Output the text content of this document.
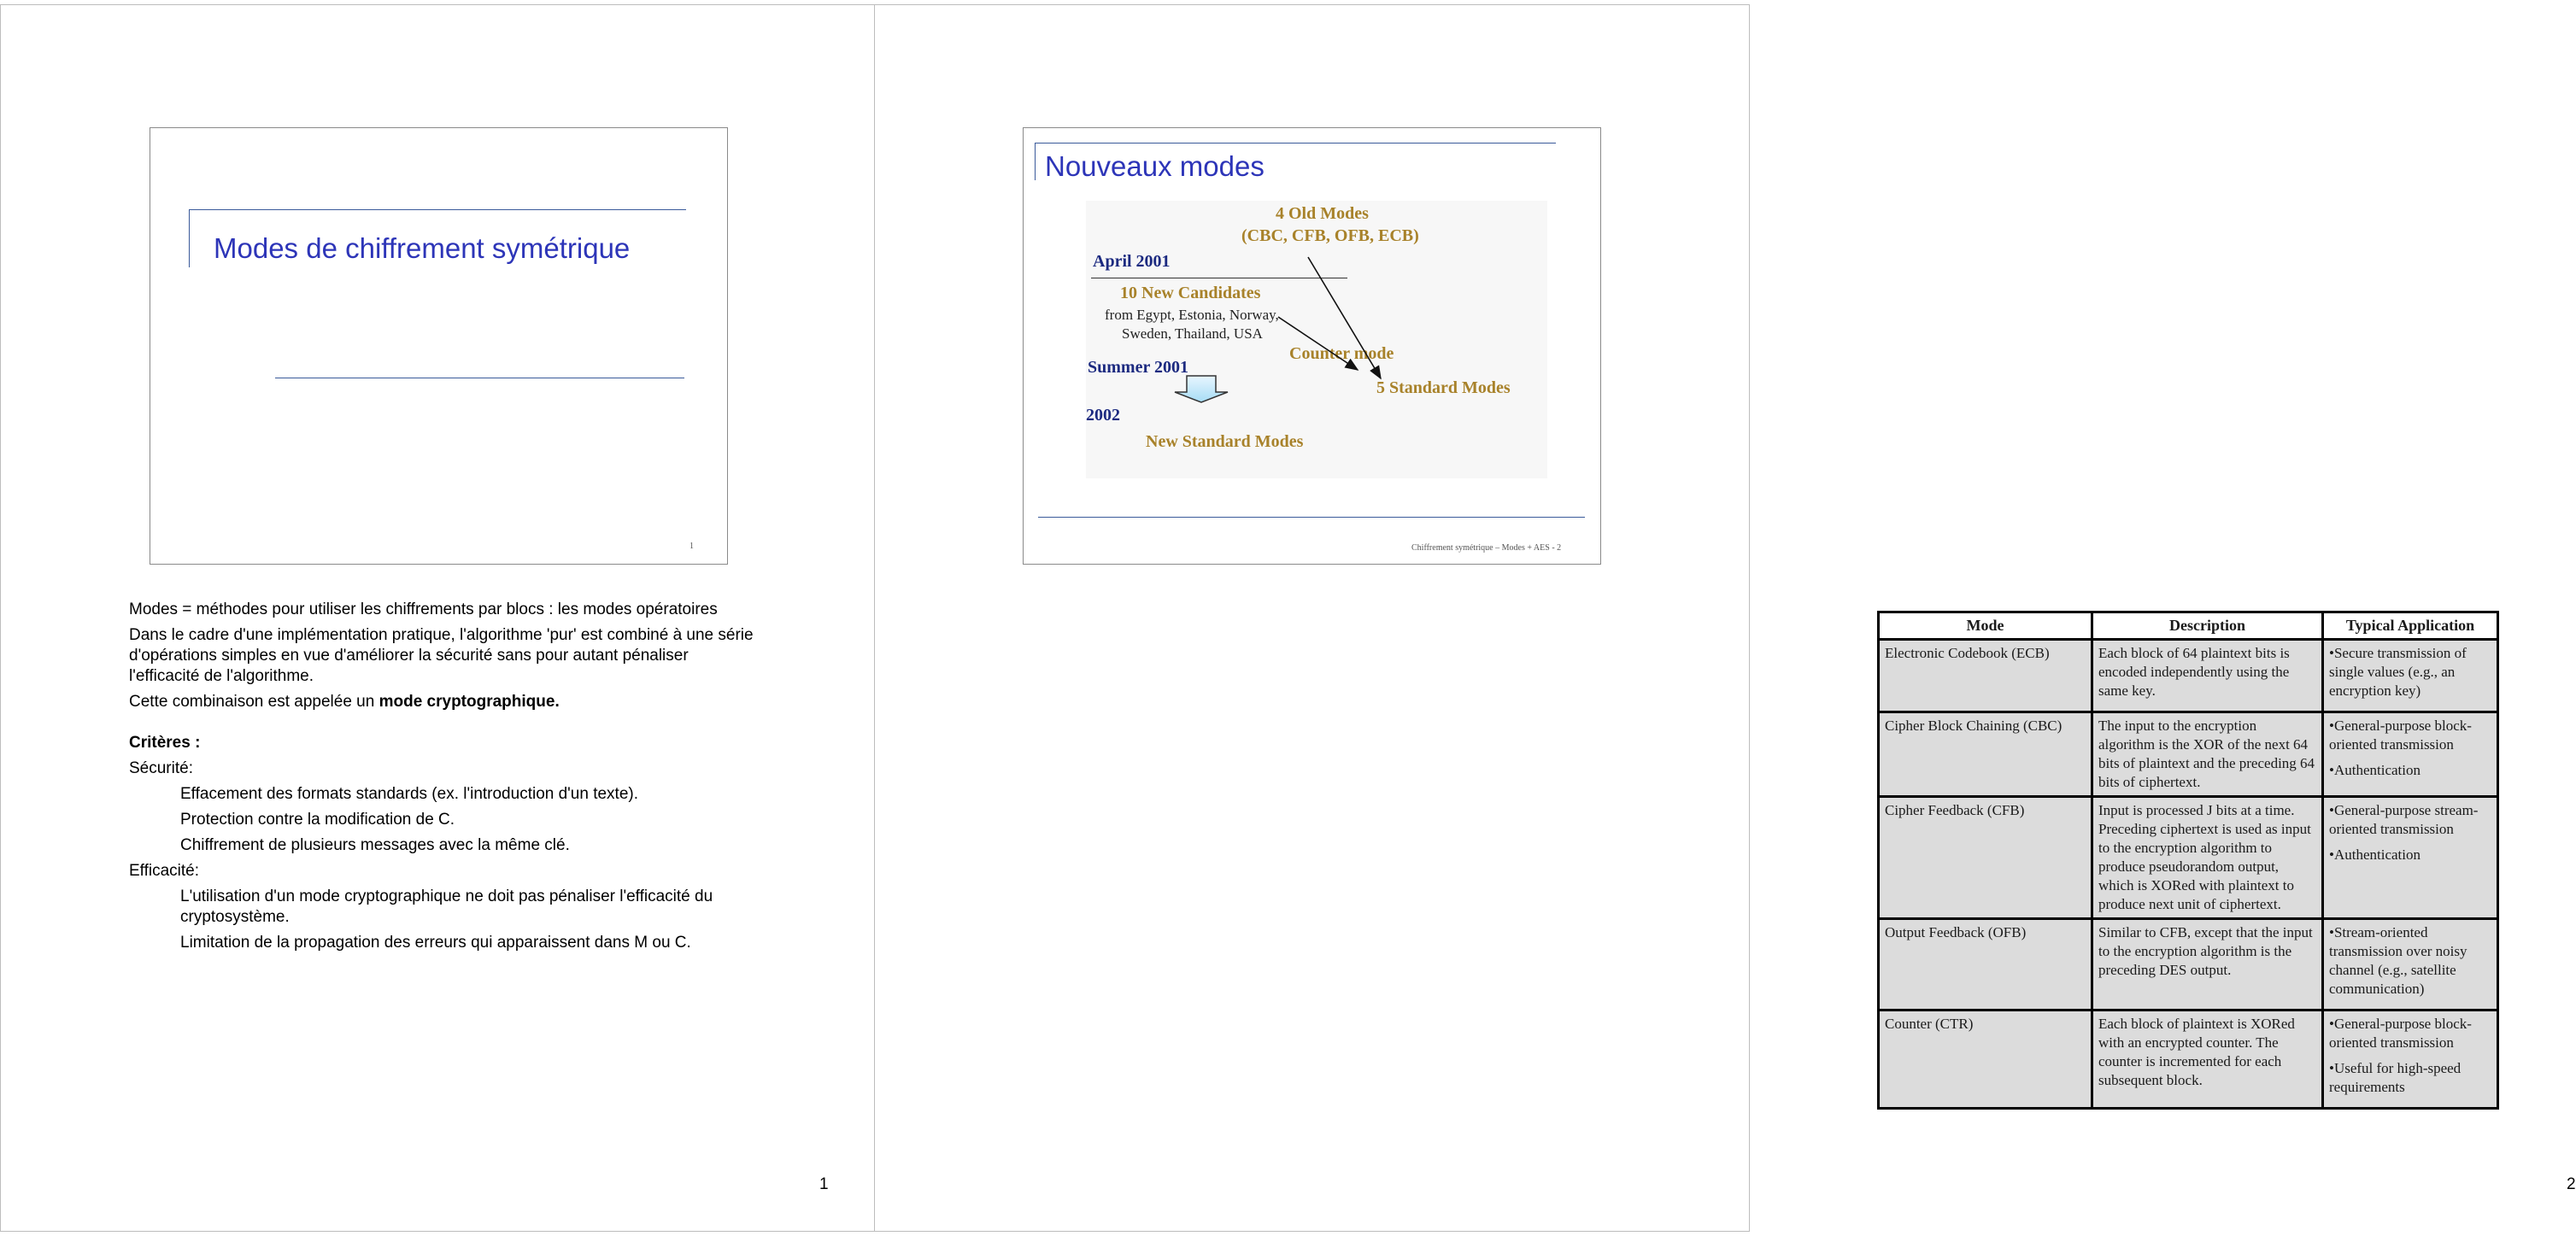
Modes de chiffrement symétrique
1

Modes = méthodes pour utiliser les chiffrements par blocs : les modes opératoires

Dans le cadre d'une implémentation pratique, l'algorithme 'pur' est combiné à une série d'opérations simples en vue d'améliorer la sécurité sans pour autant pénaliser l'efficacité de l'algorithme.

Cette combinaison est appelée un mode cryptographique.

Critères :

Sécurité:

Effacement des formats standards (ex. l'introduction d'un texte).

Protection contre la modification de C.

Chiffrement de plusieurs messages avec la même clé.

Efficacité:

L'utilisation d'un mode cryptographique ne doit pas pénaliser l'efficacité du cryptosystème.

Limitation de la propagation des erreurs qui apparaissent dans M ou C.

1
Nouveaux modes
4 Old Modes
(CBC, CFB, OFB, ECB)
April 2001
10 New Candidates
from Egypt, Estonia, Norway,
Sweden, Thailand, USA
Counter mode
Summer 2001
5 Standard Modes
2002
New Standard Modes
Chiffrement symétrique – Modes + AES - 2
Mode	Description	Typical Application
Electronic Codebook (ECB)	Each block of 64 plaintext bits is encoded independently using the same key.	•Secure transmission of single values (e.g., an encryption key)

Cipher Block Chaining (CBC)	The input to the encryption algorithm is the XOR of the next 64 bits of plaintext and the preceding 64 bits of ciphertext.	•General-purpose block-oriented transmission
•Authentication

Cipher Feedback (CFB)	Input is processed J bits at a time. Preceding ciphertext is used as input to the encryption algorithm to produce pseudorandom output, which is XORed with plaintext to produce next unit of ciphertext.	•General-purpose stream-oriented transmission
•Authentication

Output Feedback (OFB)	Similar to CFB, except that the input to the encryption algorithm is the preceding DES output.	•Stream-oriented transmission over noisy channel (e.g., satellite communication)

Counter (CTR)	Each block of plaintext is XORed with an encrypted counter. The counter is incremented for each subsequent block.	•General-purpose block-oriented transmission
•Useful for high-speed requirements
2
